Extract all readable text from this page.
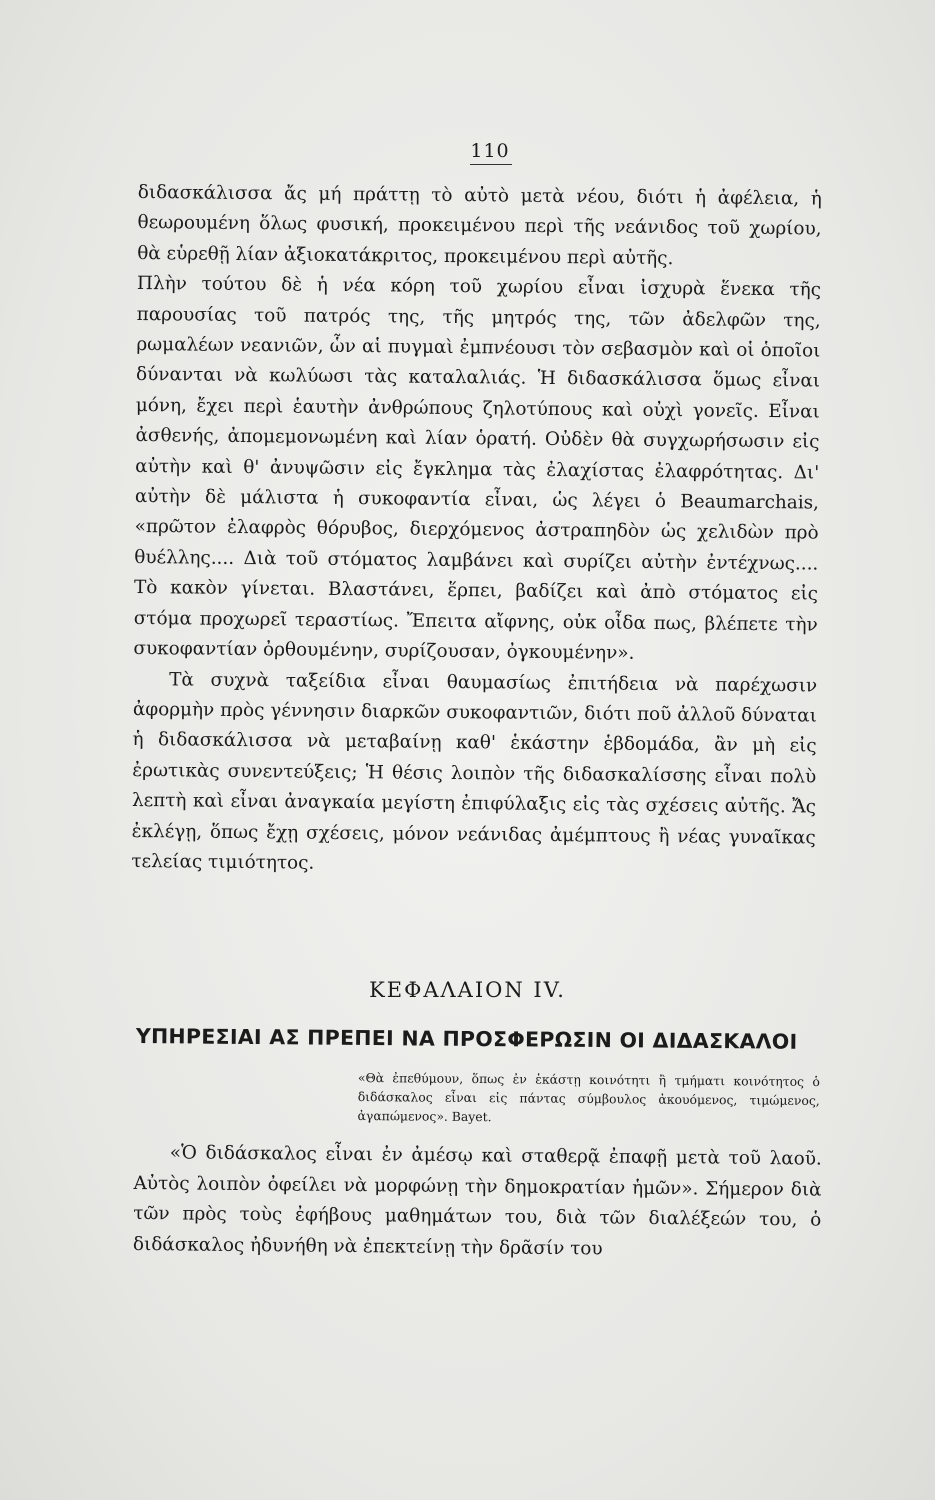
110

διδασκάλισσα ἄς μή πράττῃ τὸ αὐτὸ μετὰ νέου, διότι ἡ ἀφέλεια, ἡ θεωρουμένη ὅλως φυσική, προκειμένου περὶ τῆς νεάνιδος τοῦ χωρίου, θὰ εὑρεθῇ λίαν ἀξιοκατάκριτος, προκειμένου περὶ αὐτῆς.

Πλὴν τούτου δὲ ἡ νέα κόρη τοῦ χωρίου εἶναι ἰσχυρὰ ἕνεκα τῆς παρουσίας τοῦ πατρός της, τῆς μητρός της, τῶν ἀδελφῶν της, ρωμαλέων νεανιῶν, ὧν αἱ πυγμαὶ ἐμπνέουσι τὸν σεβασμὸν καὶ οἱ ὁποῖοι δύνανται νὰ κωλύωσι τὰς καταλαλιάς. Ἡ διδασκάλισσα ὅμως εἶναι μόνη, ἔχει περὶ ἑαυτὴν ἀνθρώπους ζηλοτύπους καὶ οὐχὶ γονεῖς. Εἶναι ἀσθενής, ἀπομεμονωμένη καὶ λίαν ὁρατή. Οὐδὲν θὰ συγχωρήσωσιν εἰς αὐτὴν καὶ θ' ἀνυψῶσιν εἰς ἔγκλημα τὰς ἐλαχίστας ἐλαφρότητας. Δι' αὐτὴν δὲ μάλιστα ἡ συκοφαντία εἶναι, ὡς λέγει ὁ Beaumarchais, «πρῶτον ἐλαφρὸς θόρυβος, διερχόμενος ἀστραπηδὸν ὡς χελιδὼν πρὸ θυέλλης.... Διὰ τοῦ στόματος λαμβάνει καὶ συρίζει αὐτὴν ἐντέχνως.... Τὸ κακὸν γίνεται. Βλαστάνει, ἕρπει, βαδίζει καὶ ἀπὸ στόματος εἰς στόμα προχωρεῖ τεραστίως. Ἔπειτα αἴφνης, οὐκ οἶδα πως, βλέπετε τὴν συκοφαντίαν ὀρθουμένην, συρίζουσαν, ὀγκουμένην».

Τὰ συχνὰ ταξείδια εἶναι θαυμασίως ἐπιτήδεια νὰ παρέχωσιν ἀφορμὴν πρὸς γέννησιν διαρκῶν συκοφαντιῶν, διότι ποῦ ἀλλοῦ δύναται ἡ διδασκάλισσα νὰ μεταβαίνῃ καθ' ἑκάστην ἑβδομάδα, ἂν μὴ εἰς ἐρωτικὰς συνεντεύξεις; Ἡ θέσις λοιπὸν τῆς διδασκαλίσσης εἶναι πολὺ λεπτὴ καὶ εἶναι ἀναγκαία μεγίστη ἐπιφύλαξις εἰς τὰς σχέσεις αὐτῆς. Ἄς ἐκλέγῃ, ὅπως ἔχῃ σχέσεις, μόνον νεάνιδας ἀμέμπτους ἢ νέας γυναῖκας τελείας τιμιότητος.

ΚΕΦΑΛΑΙΟΝ IV.
ΥΠΗΡΕΣΙΑΙ ΑΣ ΠΡΕΠΕΙ ΝΑ ΠΡΟΣΦΕΡΩΣΙΝ ΟΙ ΔΙΔΑΣΚΑΛΟΙ

«Θὰ ἐπεθύμουν, ὅπως ἐν ἑκάστῃ κοινότητι ἢ τμήματι κοινότητος ὁ διδάσκαλος εἶναι εἰς πάντας σύμβουλος ἀκουόμενος, τιμώμενος, ἀγαπώμενος». Bayet.

«Ὁ διδάσκαλος εἶναι ἐν ἀμέσῳ καὶ σταθερᾷ ἐπαφῇ μετὰ τοῦ λαοῦ. Αὐτὸς λοιπὸν ὀφείλει νὰ μορφώνῃ τὴν δημοκρατίαν ἡμῶν». Σήμερον διὰ τῶν πρὸς τοὺς ἐφήβους μαθημάτων του, διὰ τῶν διαλέξεών του, ὁ διδάσκαλος ἠδυνήθη νὰ ἐπεκτείνῃ τὴν δρᾶσίν του
